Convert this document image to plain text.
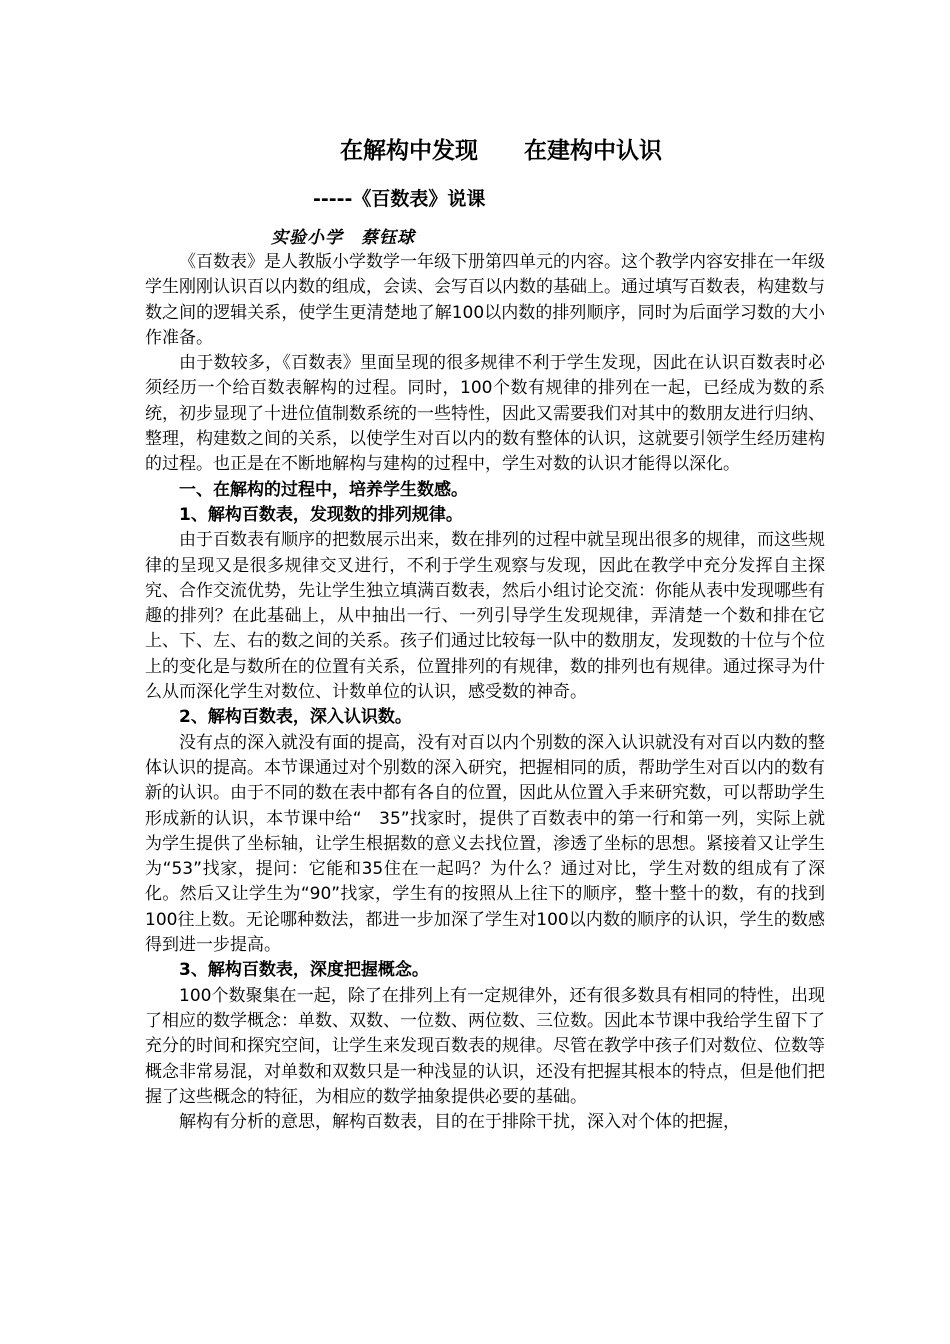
在解构中发现　　在建构中认识
-----《百数表》说课
实验小学　蔡钰球

《百数表》是人教版小学数学一年级下册第四单元的内容。这个教学内容安排在一年级学生刚刚认识百以内数的组成，会读、会写百以内数的基础上。通过填写百数表，构建数与数之间的逻辑关系，使学生更清楚地了解100以内数的排列顺序，同时为后面学习数的大小作准备。

由于数较多，《百数表》里面呈现的很多规律不利于学生发现，因此在认识百数表时必须经历一个给百数表解构的过程。同时，100个数有规律的排列在一起，已经成为数的系统，初步显现了十进位值制数系统的一些特性，因此又需要我们对其中的数朋友进行归纳、整理，构建数之间的关系，以使学生对百以内的数有整体的认识，这就要引领学生经历建构的过程。也正是在不断地解构与建构的过程中，学生对数的认识才能得以深化。

一、在解构的过程中，培养学生数感。

1、解构百数表，发现数的排列规律。

由于百数表有顺序的把数展示出来，数在排列的过程中就呈现出很多的规律，而这些规律的呈现又是很多规律交叉进行，不利于学生观察与发现，因此在教学中充分发挥自主探究、合作交流优势，先让学生独立填满百数表，然后小组讨论交流：你能从表中发现哪些有趣的排列？在此基础上，从中抽出一行、一列引导学生发现规律，弄清楚一个数和排在它上、下、左、右的数之间的关系。孩子们通过比较每一队中的数朋友，发现数的十位与个位上的变化是与数所在的位置有关系，位置排列的有规律，数的排列也有规律。通过探寻为什么从而深化学生对数位、计数单位的认识，感受数的神奇。

2、解构百数表，深入认识数。

没有点的深入就没有面的提高，没有对百以内个别数的深入认识就没有对百以内数的整体认识的提高。本节课通过对个别数的深入研究，把握相同的质，帮助学生对百以内的数有新的认识。由于不同的数在表中都有各自的位置，因此从位置入手来研究数，可以帮助学生形成新的认识，本节课中给“　35”找家时，提供了百数表中的第一行和第一列，实际上就为学生提供了坐标轴，让学生根据数的意义去找位置，渗透了坐标的思想。紧接着又让学生为“53”找家，提问：它能和35住在一起吗？为什么？通过对比，学生对数的组成有了深化。然后又让学生为“90”找家，学生有的按照从上往下的顺序，整十整十的数，有的找到100往上数。无论哪种数法，都进一步加深了学生对100以内数的顺序的认识，学生的数感得到进一步提高。

3、解构百数表，深度把握概念。

100个数聚集在一起，除了在排列上有一定规律外，还有很多数具有相同的特性，出现了相应的数学概念：单数、双数、一位数、两位数、三位数。因此本节课中我给学生留下了充分的时间和探究空间，让学生来发现百数表的规律。尽管在教学中孩子们对数位、位数等概念非常易混，对单数和双数只是一种浅显的认识，还没有把握其根本的特点，但是他们把握了这些概念的特征，为相应的数学抽象提供必要的基础。

解构有分析的意思，解构百数表，目的在于排除干扰，深入对个体的把握，
